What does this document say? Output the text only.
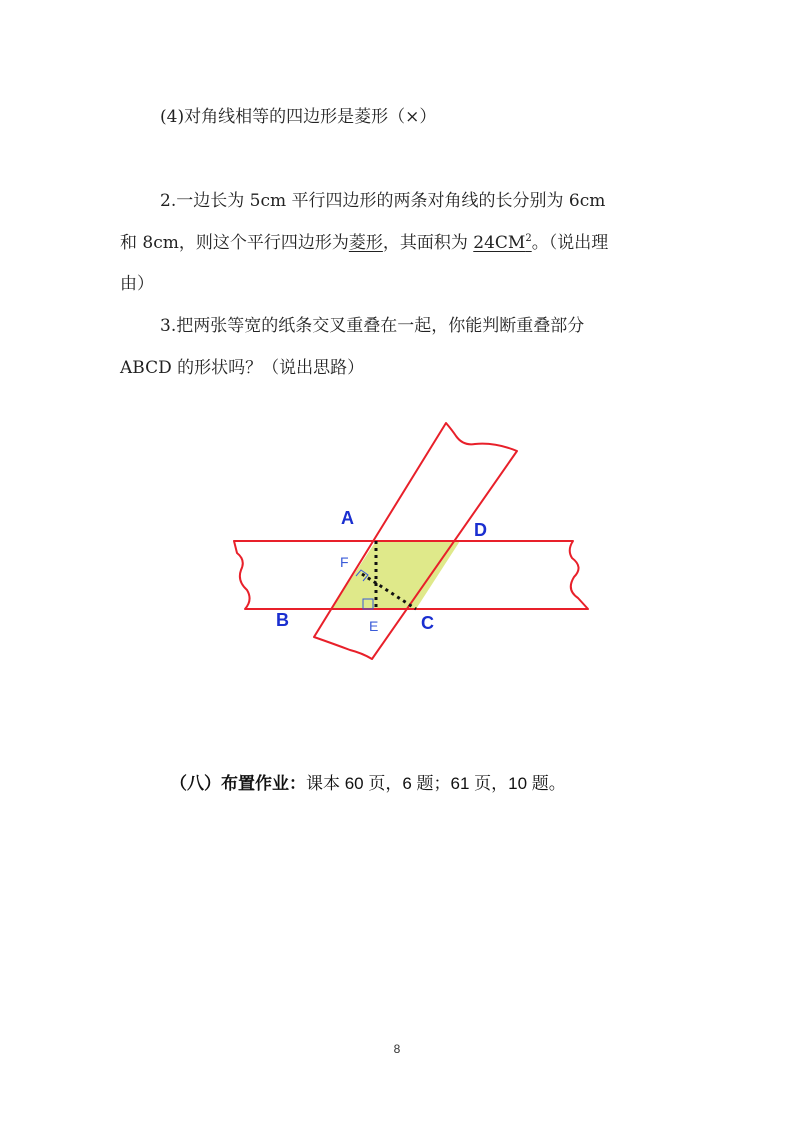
(4)对角线相等的四边形是菱形（×）
2.一边长为 5cm 平行四边形的两条对角线的长分别为 6cm
和 8cm，则这个平行四边形为菱形，其面积为 $24CM^2$。（说出理
由）
3.把两张等宽的纸条交叉重叠在一起，你能判断重叠部分
ABCD 的形状吗？（说出思路）
A
D
B	C
E
F
（八）布置作业：课本 60 页，6 题；61 页，10 题。
8
